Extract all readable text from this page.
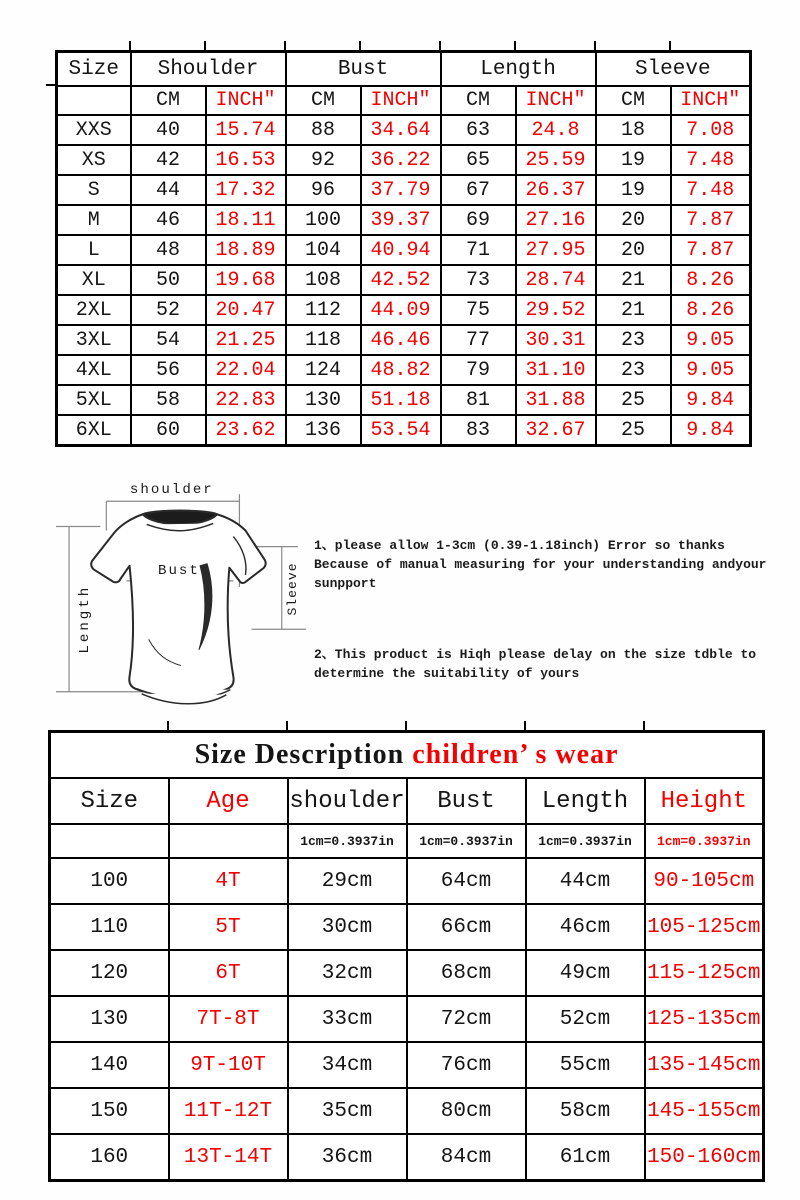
Size	Shoulder		Bust		Length		Sleeve	
	CM	INCH″	CM	INCH″	CM	INCH″	CM	INCH″
XXS	40	15.74	88	34.64	63	24.8	18	7.08
XS	42	16.53	92	36.22	65	25.59	19	7.48
S	44	17.32	96	37.79	67	26.37	19	7.48
M	46	18.11	100	39.37	69	27.16	20	7.87
L	48	18.89	104	40.94	71	27.95	20	7.87
XL	50	19.68	108	42.52	73	28.74	21	8.26
2XL	52	20.47	112	44.09	75	29.52	21	8.26
3XL	54	21.25	118	46.46	77	30.31	23	9.05
4XL	56	22.04	124	48.82	79	31.10	23	9.05
5XL	58	22.83	130	51.18	81	31.88	25	9.84
6XL	60	23.62	136	53.54	83	32.67	25	9.84
shoulder
Length
Bust	Sleeve
1、please allow 1-3cm (0.39-1.18inch) Error so thanks
Because of manual measuring for your understanding andyour
sunpport
2、This product is Hiqh please delay on the size tdble to
determine the suitability of yours
Size Description children’ s wear					
Size	Age	shoulder	Bust	Length	Height
		1cm=0.3937in	1cm=0.3937in	1cm=0.3937in	1cm=0.3937in
100	4T	29cm	64cm	44cm	90-105cm
110	5T	30cm	66cm	46cm	105-125cm
120	6T	32cm	68cm	49cm	115-125cm
130	7T-8T	33cm	72cm	52cm	125-135cm
140	9T-10T	34cm	76cm	55cm	135-145cm
150	11T-12T	35cm	80cm	58cm	145-155cm
160	13T-14T	36cm	84cm	61cm	150-160cm
